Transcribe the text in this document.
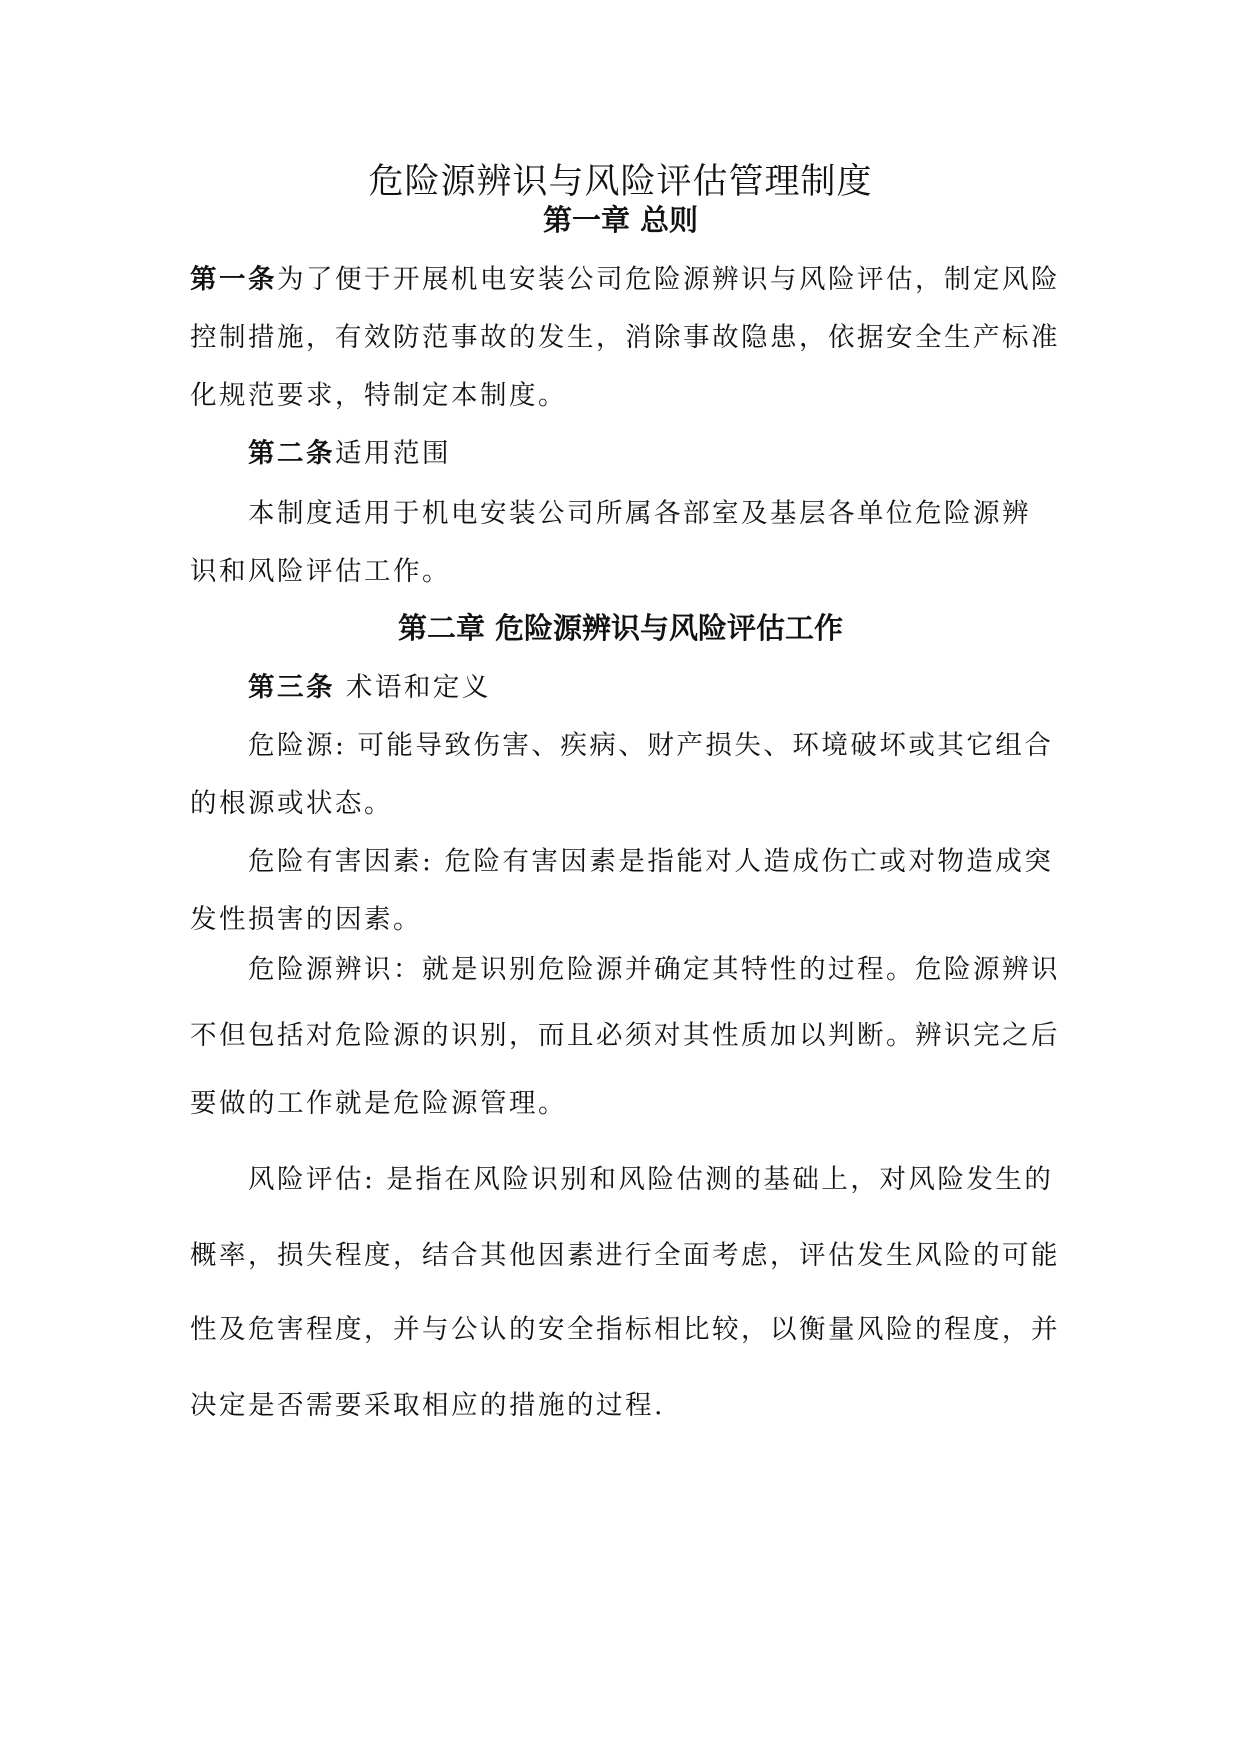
危险源辨识与风险评估管理制度
第一章 总则
第一条为了便于开展机电安装公司危险源辨识与风险评估，制定风险
控制措施，有效防范事故的发生，消除事故隐患，依据安全生产标准
化规范要求，特制定本制度。
第二条适用范围
本制度适用于机电安装公司所属各部室及基层各单位危险源辨
识和风险评估工作。
第二章 危险源辨识与风险评估工作
第三条 术语和定义
危险源: 可能导致伤害、疾病、财产损失、环境破坏或其它组合
的根源或状态。
危险有害因素: 危险有害因素是指能对人造成伤亡或对物造成突
发性损害的因素。
危险源辨识：就是识别危险源并确定其特性的过程。危险源辨识
不但包括对危险源的识别，而且必须对其性质加以判断。辨识完之后
要做的工作就是危险源管理。
风险评估: 是指在风险识别和风险估测的基础上，对风险发生的
概率，损失程度，结合其他因素进行全面考虑，评估发生风险的可能
性及危害程度，并与公认的安全指标相比较，以衡量风险的程度，并
决定是否需要采取相应的措施的过程.
